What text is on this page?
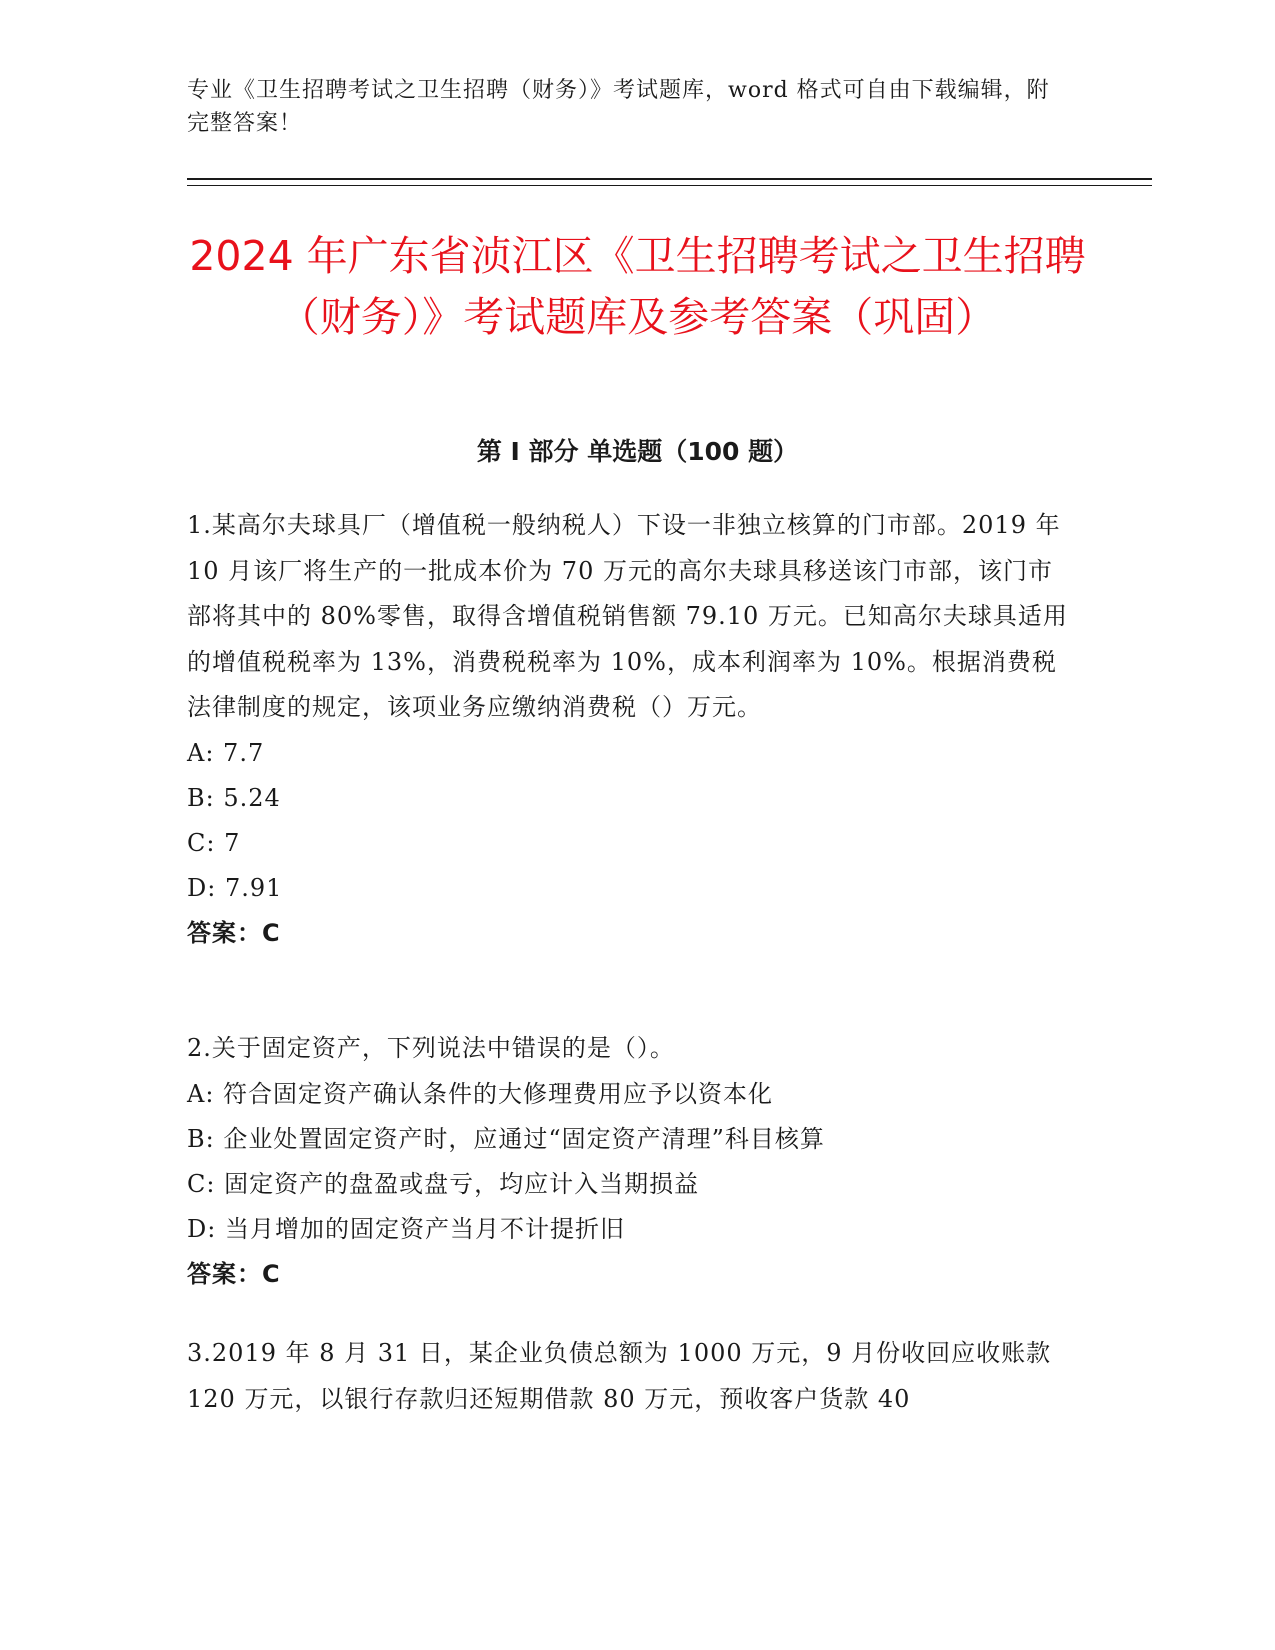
专业《卫生招聘考试之卫生招聘（财务）》考试题库，word 格式可自由下载编辑，附完整答案！
2024 年广东省浈江区《卫生招聘考试之卫生招聘（财务）》考试题库及参考答案（巩固）
第 I 部分 单选题（100 题）
1.某高尔夫球具厂（增值税一般纳税人）下设一非独立核算的门市部。2019 年 10 月该厂将生产的一批成本价为 70 万元的高尔夫球具移送该门市部，该门市部将其中的 80%零售，取得含增值税销售额 79.10 万元。已知高尔夫球具适用的增值税税率为 13%，消费税税率为 10%，成本利润率为 10%。根据消费税法律制度的规定，该项业务应缴纳消费税（）万元。
A: 7.7
B: 5.24
C: 7
D: 7.91
答案：C
2.关于固定资产，下列说法中错误的是（）。
A: 符合固定资产确认条件的大修理费用应予以资本化
B: 企业处置固定资产时，应通过“固定资产清理”科目核算
C: 固定资产的盘盈或盘亏，均应计入当期损益
D: 当月增加的固定资产当月不计提折旧
答案：C
3.2019 年 8 月 31 日，某企业负债总额为 1000 万元，9 月份收回应收账款 120 万元，以银行存款归还短期借款 80 万元，预收客户货款 40
